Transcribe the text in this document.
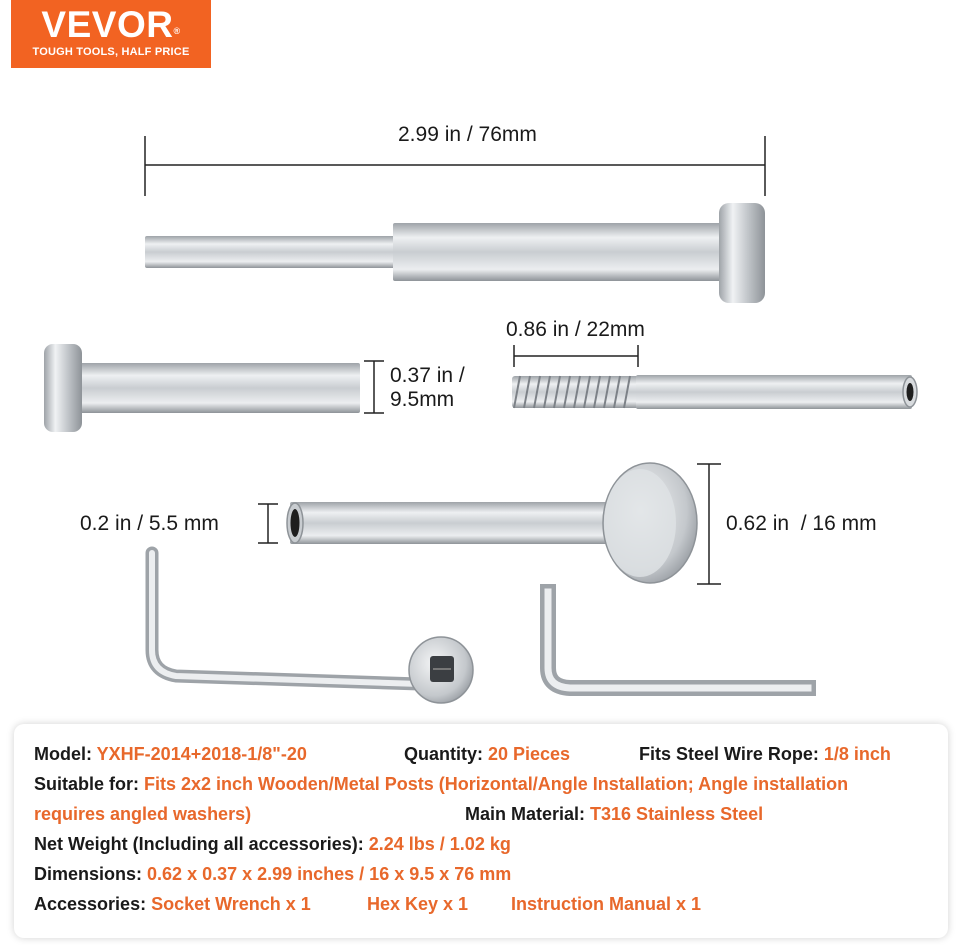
VEVOR®
TOUGH TOOLS, HALF PRICE
2.99 in / 76mm
0.37 in /
9.5mm
0.86 in / 22mm
0.2 in / 5.5 mm	0.62 in  / 16 mm
Model: YXHF-2014+2018-1/8"-20	Quantity: 20 Pieces	Fits Steel Wire Rope: 1/8 inch
Suitable for: Fits 2x2 inch Wooden/Metal Posts (Horizontal/Angle Installation; Angle installation
requires angled washers)	Main Material: T316 Stainless Steel
Net Weight (Including all accessories): 2.24 lbs / 1.02 kg
Dimensions: 0.62 x 0.37 x 2.99 inches / 16 x 9.5 x 76 mm
Accessories: Socket Wrench x 1	Hex Key x 1 Instruction Manual x 1
